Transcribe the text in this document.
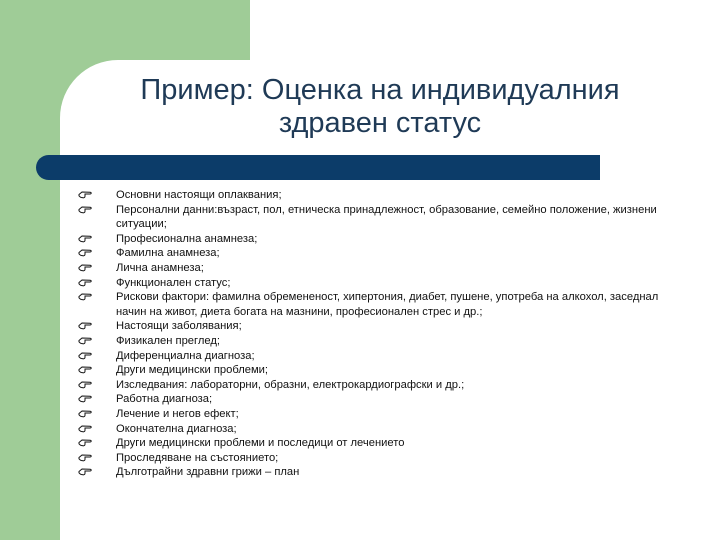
Пример: Оценка на индивидуалния
здравен статус
Основни настоящи оплаквания;
Персонални данни:възраст, пол, етническа принадлежност, образование, семейно положение, жизнени ситуации;
Професионална анамнеза;
Фамилна анамнеза;
Лична анамнеза;
Функционален статус;
Рискови фактори: фамилна обремененост, хипертония, диабет, пушене, употреба на алкохол, заседнал начин на живот, диета богата на мазнини, професионален стрес и др.;
Настоящи заболявания;
Физикален преглед;
Диференциална диагноза;
Други медицински проблеми;
Изследвания: лабораторни, образни, електрокардиографски и др.;
Работна диагноза;
Лечение и негов ефект;
Окончателна диагноза;
Други медицински проблеми и последици от лечението
Проследяване на състоянието;
Дълготрайни здравни грижи – план
